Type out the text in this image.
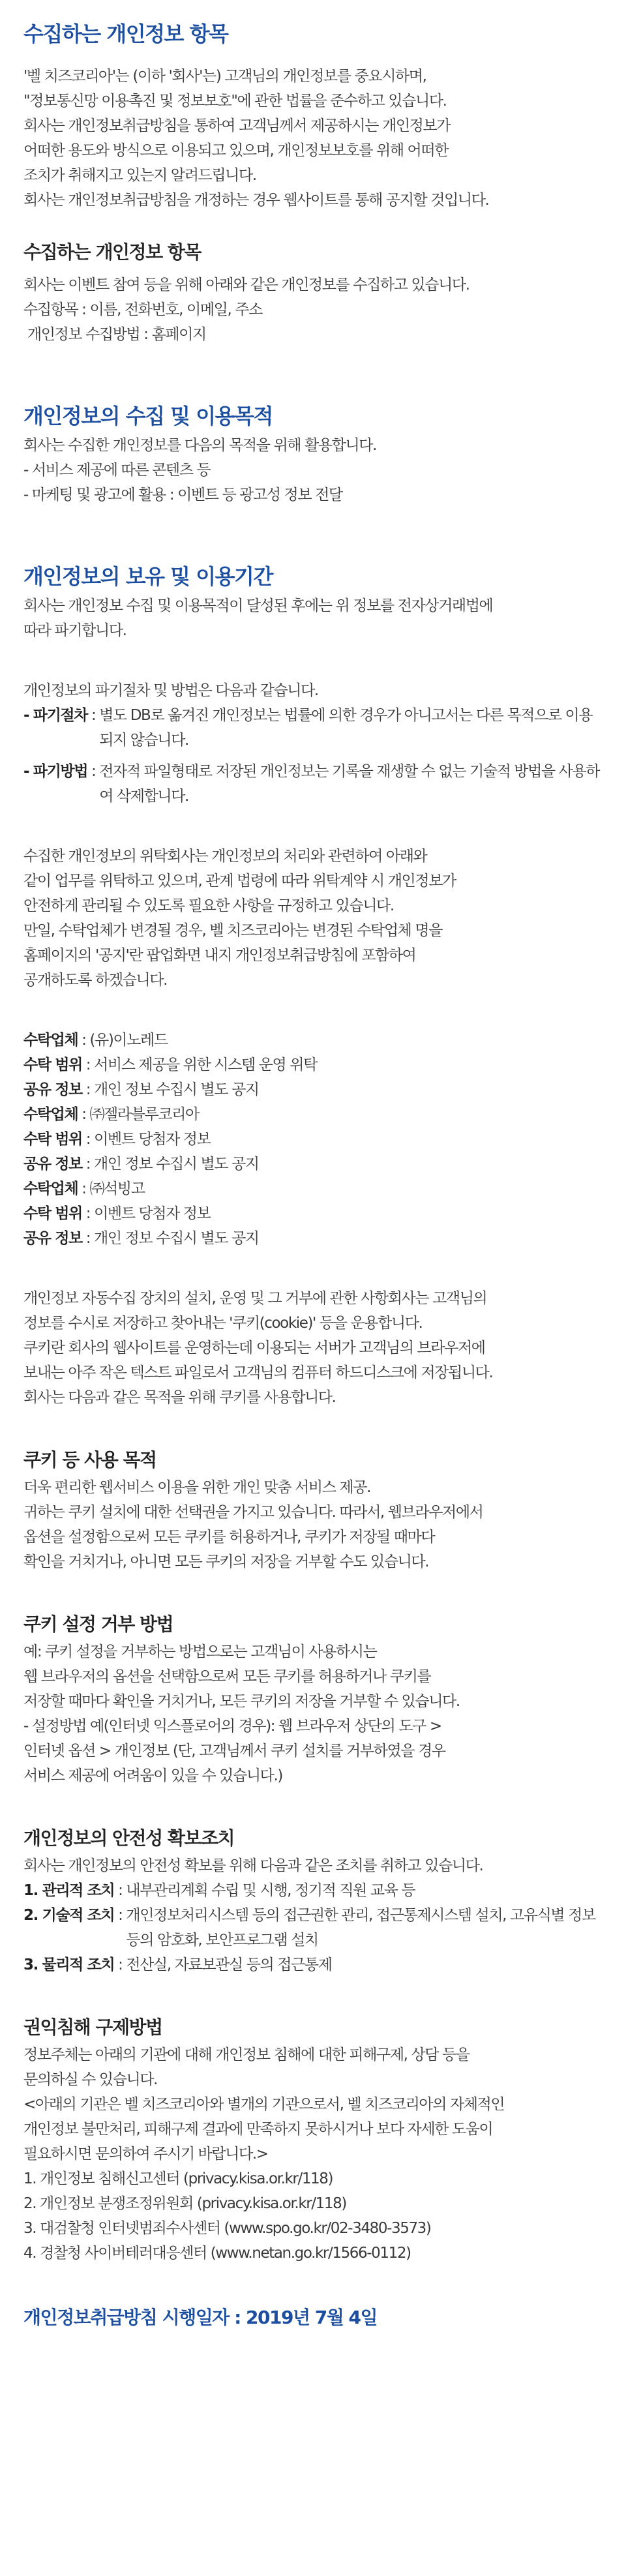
수집하는 개인정보 항목

'벨 치즈코리아'는 (이하 '회사'는) 고객님의 개인정보를 중요시하며,

"정보통신망 이용촉진 및 정보보호"에 관한 법률을 준수하고 있습니다.

회사는 개인정보취급방침을 통하여 고객님께서 제공하시는 개인정보가

어떠한 용도와 방식으로 이용되고 있으며, 개인정보보호를 위해 어떠한

조치가 취해지고 있는지 알려드립니다.

회사는 개인정보취급방침을 개정하는 경우 웹사이트를 통해 공지할 것입니다.

수집하는 개인정보 항목

회사는 이벤트 참여 등을 위해 아래와 같은 개인정보를 수집하고 있습니다.

수집항목 : 이름, 전화번호, 이메일, 주소

개인정보 수집방법 : 홈페이지

개인정보의 수집 및 이용목적

회사는 수집한 개인정보를 다음의 목적을 위해 활용합니다.

- 서비스 제공에 따른 콘텐츠 등

- 마케팅 및 광고에 활용 : 이벤트 등 광고성 정보 전달

개인정보의 보유 및 이용기간

회사는 개인정보 수집 및 이용목적이 달성된 후에는 위 정보를 전자상거래법에

따라 파기합니다.

개인정보의 파기절차 및 방법은 다음과 같습니다.

- 파기절차 : 별도 DB로 옮겨진 개인정보는 법률에 의한 경우가 아니고서는 다른 목적으로 이용되지 않습니다.
- 파기방법 : 전자적 파일형태로 저장된 개인정보는 기록을 재생할 수 없는 기술적 방법을 사용하여 삭제합니다.

수집한 개인정보의 위탁회사는 개인정보의 처리와 관련하여 아래와

같이 업무를 위탁하고 있으며, 관계 법령에 따라 위탁계약 시 개인정보가

안전하게 관리될 수 있도록 필요한 사항을 규정하고 있습니다.

만일, 수탁업체가 변경될 경우, 벨 치즈코리아는 변경된 수탁업체 명을

홈페이지의 '공지'란 팝업화면 내지 개인정보취급방침에 포함하여

공개하도록 하겠습니다.

수탁업체 : (유)이노레드

수탁 범위 : 서비스 제공을 위한 시스템 운영 위탁

공유 정보 : 개인 정보 수집시 별도 공지

수탁업체 : ㈜젤라블루코리아

수탁 범위 : 이벤트 당첨자 정보

공유 정보 : 개인 정보 수집시 별도 공지

수탁업체 : ㈜석빙고

수탁 범위 : 이벤트 당첨자 정보

공유 정보 : 개인 정보 수집시 별도 공지

개인정보 자동수집 장치의 설치, 운영 및 그 거부에 관한 사항회사는 고객님의

정보를 수시로 저장하고 찾아내는 '쿠키(cookie)' 등을 운용합니다.

쿠키란 회사의 웹사이트를 운영하는데 이용되는 서버가 고객님의 브라우저에

보내는 아주 작은 텍스트 파일로서 고객님의 컴퓨터 하드디스크에 저장됩니다.

회사는 다음과 같은 목적을 위해 쿠키를 사용합니다.

쿠키 등 사용 목적

더욱 편리한 웹서비스 이용을 위한 개인 맞춤 서비스 제공.

귀하는 쿠키 설치에 대한 선택권을 가지고 있습니다. 따라서, 웹브라우저에서

옵션을 설정함으로써 모든 쿠키를 허용하거나, 쿠키가 저장될 때마다

확인을 거치거나, 아니면 모든 쿠키의 저장을 거부할 수도 있습니다.

쿠키 설정 거부 방법

예: 쿠키 설정을 거부하는 방법으로는 고객님이 사용하시는

웹 브라우저의 옵션을 선택함으로써 모든 쿠키를 허용하거나 쿠키를

저장할 때마다 확인을 거치거나, 모든 쿠키의 저장을 거부할 수 있습니다.

- 설정방법 예(인터넷 익스플로어의 경우): 웹 브라우저 상단의 도구 >

인터넷 옵션 > 개인정보 (단, 고객님께서 쿠키 설치를 거부하였을 경우

서비스 제공에 어려움이 있을 수 있습니다.)

개인정보의 안전성 확보조치

회사는 개인정보의 안전성 확보를 위해 다음과 같은 조치를 취하고 있습니다.

1. 관리적 조치 : 내부관리계획 수립 및 시행, 정기적 직원 교육 등
2. 기술적 조치 : 개인정보처리시스템 등의 접근권한 관리, 접근통제시스템 설치, 고유식별 정보 등의 암호화, 보안프로그램 설치
3. 물리적 조치 : 전산실, 자료보관실 등의 접근통제
권익침해 구제방법

정보주체는 아래의 기관에 대해 개인정보 침해에 대한 피해구제, 상담 등을

문의하실 수 있습니다.

<아래의 기관은 벨 치즈코리아와 별개의 기관으로서, 벨 치즈코리아의 자체적인

개인정보 불만처리, 피해구제 결과에 만족하지 못하시거나 보다 자세한 도움이

필요하시면 문의하여 주시기 바랍니다.>

1. 개인정보 침해신고센터 (privacy.kisa.or.kr/118)

2. 개인정보 분쟁조정위원회 (privacy.kisa.or.kr/118)

3. 대검찰청 인터넷범죄수사센터 (www.spo.go.kr/02-3480-3573)

4. 경찰청 사이버테러대응센터 (www.netan.go.kr/1566-0112)

개인정보취급방침 시행일자 : 2019년 7월 4일
